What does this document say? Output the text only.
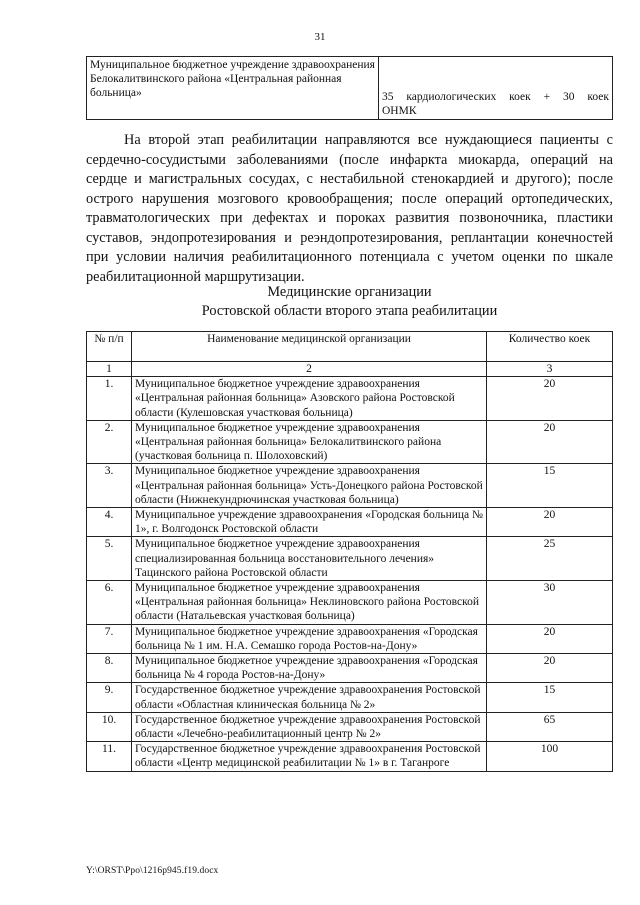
31
Муниципальное бюджетное учреждение здравоохранения Белокалитвинского района «Центральная районная больница»	35 кардиологических коек + 30 коек
ОНМК

На второй этап реабилитации направляются все нуждающиеся пациенты с сердечно-сосудистыми заболеваниями (после инфаркта миокарда, операций на сердце и магистральных сосудах, с нестабильной стенокардией и другого); после острого нарушения мозгового кровообращения; после операций ортопедических, травматологических при дефектах и пороках развития позвоночника, пластики суставов, эндопротезирования и реэндопротезирования, реплантации конечностей при условии наличия реабилитационного потенциала с учетом оценки по шкале реабилитационной маршрутизации.

Медицинские организации
Ростовской области второго этапа реабилитации
№ п/п	Наименование медицинской организации	Количество коек
1	2	3
1.	Муниципальное бюджетное учреждение здравоохранения «Центральная районная больница» Азовского района Ростовской области (Кулешовская участковая больница)	20
2.	Муниципальное бюджетное учреждение здравоохранения «Центральная районная больница» Белокалитвинского района (участковая больница п. Шолоховский)	20
3.	Муниципальное бюджетное учреждение здравоохранения «Центральная районная больница» Усть-Донецкого района Ростовской области (Нижнекундрючинская участковая больница)	15
4.	Муниципальное учреждение здравоохранения «Городская больница № 1», г. Волгодонск Ростовской области	20
5.	Муниципальное бюджетное учреждение здравоохранения специализированная больница восстановительного лечения» Тацинского района Ростовской области	25
6.	Муниципальное бюджетное учреждение здравоохранения «Центральная районная больница» Неклиновского района Ростовской области (Натальевская участковая больница)	30
7.	Муниципальное бюджетное учреждение здравоохранения «Городская больница № 1 им. Н.А. Семашко города Ростов-на-Дону»	20
8.	Муниципальное бюджетное учреждение здравоохранения «Городская больница № 4 города Ростов-на-Дону»	20
9.	Государственное бюджетное учреждение здравоохранения Ростовской области «Областная клиническая больница № 2»	15
10.	Государственное бюджетное учреждение здравоохранения Ростовской области «Лечебно-реабилитационный центр № 2»	65
11.	Государственное бюджетное учреждение здравоохранения Ростовской области «Центр медицинской реабилитации № 1» в г. Таганроге	100
Y:\ORST\Ppo\1216p945.f19.docx
